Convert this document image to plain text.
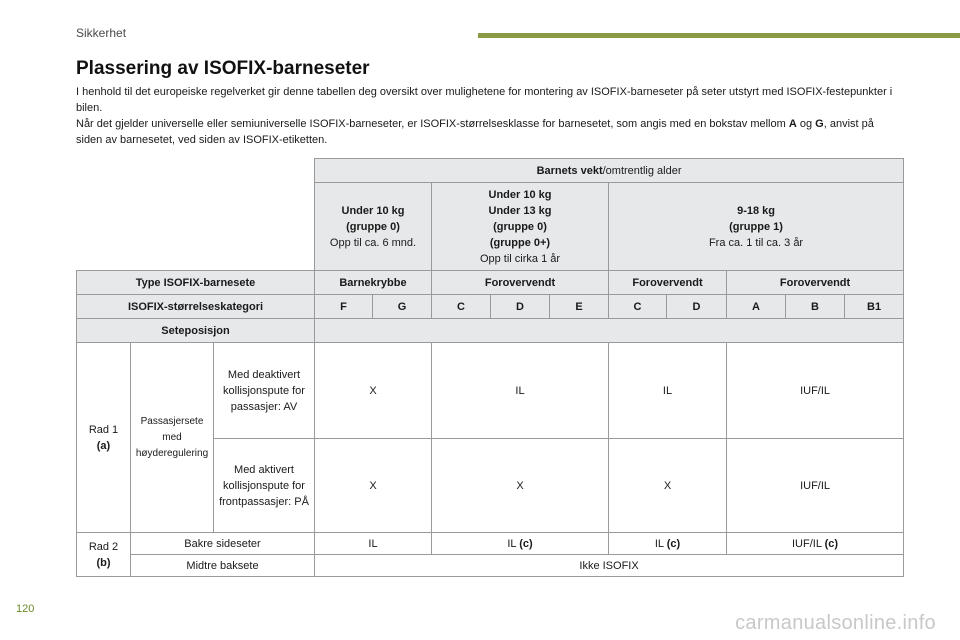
Sikkerhet
Plassering av ISOFIX-barneseter
I henhold til det europeiske regelverket gir denne tabellen deg oversikt over mulighetene for montering av ISOFIX-barneseter på seter utstyrt med ISOFIX-festepunkter i bilen.
Når det gjelder universelle eller semiuniverselle ISOFIX-barneseter, er ISOFIX-størrelsesklasse for barnesetet, som angis med en bokstav mellom A og G, anvist på siden av barnesetet, ved siden av ISOFIX-etiketten.
			Barnets vekt/omtrentlig alder									
			Under 10 kg
(gruppe 0)
Opp til ca. 6 mnd.		Under 10 kg
Under 13 kg
(gruppe 0)
(gruppe 0+)
Opp til cirka 1 år			9-18 kg
(gruppe 1)
Fra ca. 1 til ca. 3 år				
Type ISOFIX-barnesete			Barnekrybbe		Forovervendt			Forovervendt		Forovervendt		
ISOFIX-størrelseskategori			F	G	C	D	E	C	D	A	B	B1
Seteposisjon												
Rad 1
(a)	Passasjersete med høyderegulering	Med deaktivert kollisjonspute for passasjer: AV	X		IL			IL		IUF/IL		
		Med aktivert kollisjonspute for frontpassasjer: PÅ	X		X			X		IUF/IL		
Rad 2
(b)	Bakre sideseter		IL		IL (c)			IL (c)		IUF/IL (c)		
	Midtre baksete		Ikke ISOFIX									
120
carmanualsonline.info
